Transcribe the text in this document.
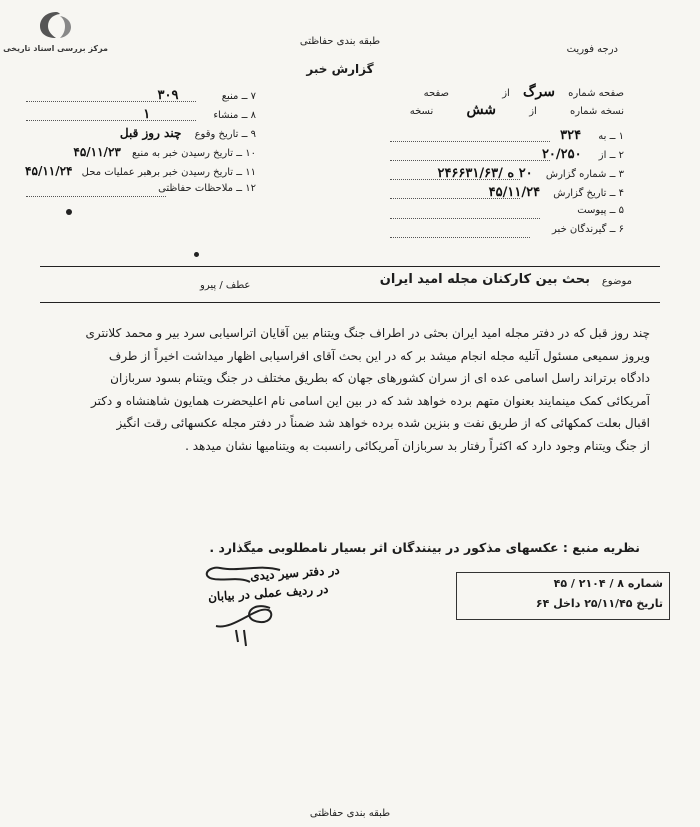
مرکز بررسی اسناد تاریخی
طبقه بندی حفاظتی
گزارش خبر
درجه فوریت
صفحه شماره سرگ از صفحه
نسخه شماره از شش نسخه
۱ ــ به ۳۲۴
۲ ــ از ۲۰/۲۵۰
۳ ــ شماره گزارش ۲۰ ه /۲۴۶۶۳۱/۶۳
۴ ــ تاریخ گزارش ۴۵/۱۱/۲۴
۵ ــ پیوست
۶ ــ گیرندگان خبر
۷ ــ منبع ۳۰۹
۸ ــ منشاء ۱
۹ ــ تاریخ وقوع چند روز قبل
۱۰ ــ تاریخ رسیدن خبر به منبع ۴۵/۱۱/۲۳
۱۱ ــ تاریخ رسیدن خبر برهبر عملیات محل ۴۵/۱۱/۲۴
۱۲ ــ ملاحظات حفاظتی
موضوع
بحث بین کارکنان مجله امید ایران
عطف / پیرو
چند روز قبل که در دفتر مجله امید ایران بحثی در اطراف جنگ ویتنام بین آقایان اتراسیابی سرد بیر و محمد کلانتری
ویروز سمیعی مسئول آتلیه مجله انجام میشد بر که در این بحث آقای افراسیابی اظهار میداشت اخیراً از طرف
دادگاه برتراند راسل اسامی عده ای از سران کشورهای جهان که بطریق مختلف در جنگ ویتنام بسود سربازان
آمریکائی کمک مینمایند بعنوان متهم برده خواهد شد که در بین این اسامی نام اعلیحضرت همایون شاهنشاه و دکتر
اقبال بعلت کمکهائی که از طریق نفت و بنزین شده برده خواهد شد ضمناً در دفتر مجله عکسهائی رقت انگیز
از جنگ ویتنام وجود دارد که اکثراً رفتار بد سربازان آمریکائی رانسبت به ویتنامیها نشان میدهد .
نظریه منبع : عکسهای مذکور در بینندگان اثر بسیار نامطلوبی میگذارد .
در دفتر سیر دیدی
در ردیف عملی در بیابان	شماره ۸ / ۲۱۰۴ / ۴۵
تاریخ ۲۵/۱۱/۴۵ داخل ۶۴
طبقه بندی حفاظتی
